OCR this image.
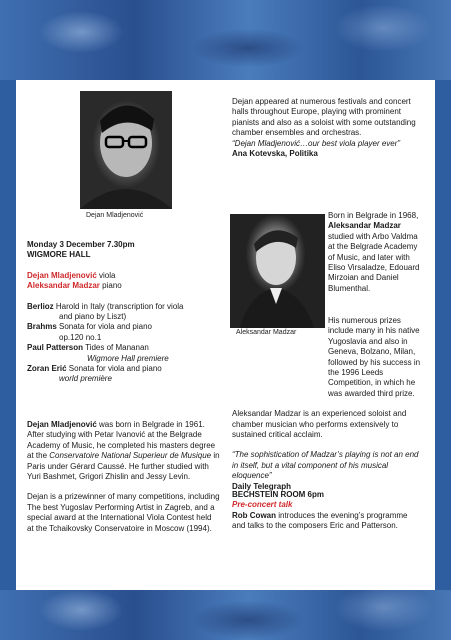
Dejan Mladjenović
Aleksandar Madzar

Monday 3 December 7.30pm

WIGMORE HALL

Dejan Mladjenović viola

Aleksandar Madzar piano

Berlioz Harold in Italy (transcription for viola

and piano by Liszt)

Brahms Sonata for viola and piano

op.120 no.1

Paul Patterson Tides of Mananan

Wigmore Hall premiere

Zoran Erić Sonata for viola and piano

world première

Dejan Mladjenović was born in Belgrade in 1961. After studying with Petar Ivanović at the Belgrade Academy of Music, he completed his masters degree at the Conservatoire National Superieur de Musique in Paris under Gérard Caussé. He further studied with Yuri Bashmet, Grigori Zhislin and Jessy Levin.

Dejan is a prizewinner of many competitions, including The best Yugoslav Performing Artist in Zagreb, and a special award at the International Viola Contest held at the Tchaikovsky Conservatoire in Moscow (1994).

Dejan appeared at numerous festivals and concert halls throughout Europe, playing with prominent pianists and also as a soloist with some outstanding chamber ensembles and orchestras.

“Dejan Mladjenović…our best viola player ever”

Ana Kotevska, Politika

Born in Belgrade in 1968, Aleksandar Madzar studied with Arbo Valdma at the Belgrade Academy of Music, and later with Eliso Virsaladze, Edouard Mirzoian and Daniel Blumenthal.

His numerous prizes include many in his native Yugoslavia and also in Geneva, Bolzano, Milan, followed by his success in the 1996 Leeds Competition, in which he was awarded third prize.

Aleksandar Madzar is an experienced soloist and chamber musician who performs extensively to sustained critical acclaim.

“The sophistication of Madzar’s playing is not an end in itself, but a vital component of his musical eloquence”

Daily Telegraph

BECHSTEIN ROOM 6pm

Pre-concert talk

Rob Cowan introduces the evening’s programme and talks to the composers Eric and Patterson.
